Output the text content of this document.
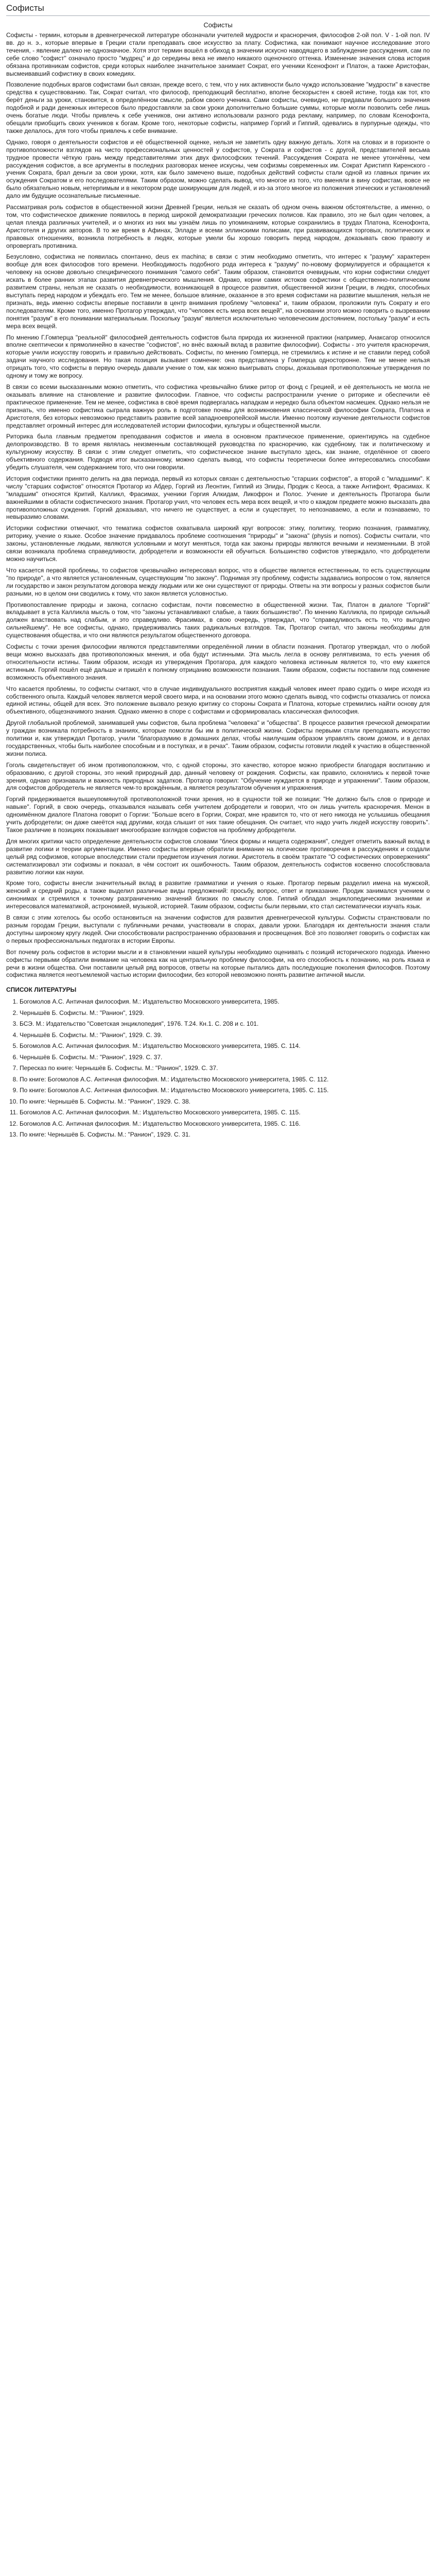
Софисты
Софисты

Софисты - термин, которым в древнегреческой литературе обозначали учителей мудрости и красноречия, философов 2-ой пол. V - 1-ой пол. IV вв. до н. э., которые впервые в Греции стали преподавать свое искусство за плату. Софистика, как понимают научное исследование этого течения, - явление далеко не однозначное. Хотя этот термин вошёл в обиход в значении искусно наводящего в заблуждение рассуждения, сам по себе слово "софист" означало просто "мудрец" и до середины века не имело никакого оценочного оттенка. Изменение значения слова история обязана противникам софистов, среди которых наиболее значительное занимает Сократ, его ученики Ксенофонт и Платон, а также Аристофан, высмеивавший софистику в своих комедиях.

Позволение подобных врагов софистами был связан, прежде всего, с тем, что у них активности было чуждо использование "мудрости" в качестве средства к существованию. Так, Сократ считал, что философ, преподающий бесплатно, вполне бескорыстен к своей истине, тогда как тот, кто берёт деньги за уроки, становится, в определённом смысле, рабом своего ученика. Сами софисты, очевидно, не придавали большого значения подобной и ради денежных интересов было предоставляли за свои уроки дополнительно большие суммы, которые могли позволить себе лишь очень богатые люди. Чтобы привлечь к себе учеников, они активно использовали разного рода рекламу, например, по словам Ксенофонта, обещали приобщить своих учеников к богам. Кроме того, некоторые софисты, например Горгий и Гиппий, одевались в пурпурные одежды, что также делалось, для того чтобы привлечь к себе внимание.

Однако, говоря о деятельности софистов и её общественной оценке, нельзя не заметить одну важную деталь. Хотя на словах и в горизонте о противоположности взглядов на чисто профессиональных ценностей у софистов, у Сократа и софистов - с другой, представителей весьма трудное провести чёткую грань между представителями этих двух философских течений. Рассуждения Сократа не менее утончённы, чем рассуждения софистов, а все аргументы в последних разговорах менее искусны, чем софизмы современных им. Сократ Аристипп Киренского - ученик Сократа, брал деньги за свои уроки, хотя, как было замечено выше, подобных действий софисты стали одной из главных причин их осуждения Сократом и его последователями. Таким образом, можно сделать вывод, что многое из того, что вменяли в вину софистам, вовсе не было обязательно новым, нетерпимым и в некотором роде шокирующим для людей, и из-за этого многое из положения этических и установлений дало им будущие осознательные письменные.

Рассматривая роль софистов в общественной жизни Древней Греции, нельзя не сказать об одном очень важном обстоятельстве, а именно, о том, что софистическое движение появилось в период широкой демократизации греческих полисов. Как правило, это не был один человек, а целая плеяда различных учителей, и о многих из них мы узнаём лишь по упоминаниям, которые сохранились в трудах Платона, Ксенофонта, Аристотеля и других авторов. В то же время в Афинах, Элладе и всеми эллинскими полисами, при развивающихся торговых, политических и правовых отношениях, возникла потребность в людях, которые умели бы хорошо говорить перед народом, доказывать свою правоту и опровергать противника.

Безусловно, софистика не появилась спонтанно, deus ex machina; в связи с этим необходимо отметить, что интерес к "разуму" характерен вообще для всех философов того времени. Необходимость подобного рода интереса к "разуму" по-новому формулируется и обращается к человеку на основе довольно специфического понимания "самого себя". Таким образом, становится очевидным, что корни софистики следует искать в более ранних этапах развития древнегреческого мышления. Однако, корни самих истоков софистики с общественно-политическим развитием страны, нельзя не сказать о необходимости, возникающей в процессе развития, общественной жизни Греции, в людях, способных выступать перед народом и убеждать его. Тем не менее, большое влияние, оказанное в это время софистами на развитие мышления, нельзя не признать, ведь именно софисты впервые поставили в центр внимания проблему "человека" и, таким образом, проложили путь Сократу и его последователям. Кроме того, именно Протагор утверждал, что "человек есть мера всех вещей", на основании этого можно говорить о вызревании понятия "разум" в его понимании материальным. Поскольку "разум" является исключительно человеческим достоянием, постольку "разум" и есть мера всех вещей.

По мнению Г.Гомперца "реальной" философией деятельность софистов была природа их жизненной практики (например, Анаксагор относился вполне скептически к прямолинейно в качестве "софистов", но внёс важный вклад в развитие философии). Софисты - это учителя красноречия, которые учили искусству говорить и правильно действовать. Софисты, по мнению Гомперца, не стремились к истине и не ставили перед собой задачи научного исследования. Но такая позиция вызывает сомнение: она представлена у Гомперца односторонне. Тем не менее нельзя отрицать того, что софисты в первую очередь давали учение о том, как можно выигрывать споры, доказывая противоположные утверждения по одному и тому же вопросу.

В связи со всеми высказанными можно отметить, что софистика чрезвычайно ближе ритор от фонд с Грецией, и её деятельность не могла не оказывать влияние на становление и развитие философии. Главное, что софисты распространили учение о риторике и обеспечили её практическое применение. Тем не менее, софистика в своё время подвергалась нападкам и нередко была объектом насмешек. Однако нельзя не признать, что именно софистика сыграла важную роль в подготовке почвы для возникновения классической философии Сократа, Платона и Аристотеля, без которых невозможно представить развитие всей западноевропейской мысли. Именно поэтому изучение деятельности софистов представляет огромный интерес для исследователей истории философии, культуры и общественной мысли.

Риторика была главным предметом преподавания софистов и имела в основном практическое применение, ориентируясь на судебное делопроизводство. В то время являлась неизменным составляющей руководства по красноречию, как судебному, так и политическому и культурному искусству. В связи с этим следует отметить, что софистическое знание выступало здесь, как знание, отделённое от своего объективного содержания. Подводя итог высказанному, можно сделать вывод, что софисты теоретически более интересовались способами убедить слушателя, чем содержанием того, что они говорили.

История софистики принято делить на два периода, первый из которых связан с деятельностью "старших софистов", а второй с "младшими". К числу "старших софистов" относятся Протагор из Абдер, Горгий из Леонтин, Гиппий из Элиды, Продик с Кеоса, а также Антифонт, Фрасимах. К "младшим" относятся Критий, Калликл, Фрасимах, ученики Горгия Алкидам, Ликофрон и Полос. Учение и деятельность Протагора были важнейшими в области софистического знания. Протагор учил, что человек есть мера всех вещей, и что о каждом предмете можно высказать два противоположных суждения. Горгий доказывал, что ничего не существует, а если и существует, то непознаваемо, а если и познаваемо, то невыразимо словами.

Историки софистики отмечают, что тематика софистов охватывала широкий круг вопросов: этику, политику, теорию познания, грамматику, риторику, учение о языке. Особое значение придавалось проблеме соотношения "природы" и "закона" (physis и nomos). Софисты считали, что законы, установленные людьми, являются условными и могут меняться, тогда как законы природы являются вечными и неизменными. В этой связи возникала проблема справедливости, добродетели и возможности ей обучиться. Большинство софистов утверждало, что добродетели можно научиться.

Что касается первой проблемы, то софистов чрезвычайно интересовал вопрос, что в обществе является естественным, то есть существующим "по природе", а что является установленным, существующим "по закону". Поднимая эту проблему, софисты задавались вопросом о том, является ли государство и закон результатом договора между людьми или же они существуют от природы. Ответы на эти вопросы у разных софистов были разными, но в целом они сводились к тому, что закон является условностью.

Противопоставление природы и закона, согласно софистам, почти повсеместно в общественной жизни. Так, Платон в диалоге "Горгий" вкладывает в уста Калликла мысль о том, что "законы устанавливают слабые, а таких большинство". По мнению Калликла, по природе сильный должен властвовать над слабым, и это справедливо. Фрасимах, в свою очередь, утверждал, что "справедливость есть то, что выгодно сильнейшему". Не все софисты, однако, придерживались таких радикальных взглядов. Так, Протагор считал, что законы необходимы для существования общества, и что они являются результатом общественного договора.

Софисты с точки зрения философии являются представителями определённой линии в области познания. Протагор утверждал, что о любой вещи можно высказать два противоположных мнения, и оба будут истинными. Эта мысль легла в основу релятивизма, то есть учения об относительности истины. Таким образом, исходя из утверждения Протагора, для каждого человека истинным является то, что ему кажется истинным. Горгий пошёл ещё дальше и пришёл к полному отрицанию возможности познания. Таким образом, софисты поставили под сомнение возможность объективного знания.

Что касается проблемы, то софисты считают, что в случае индивидуального восприятия каждый человек имеет право судить о мире исходя из собственного опыта. Каждый человек является мерой своего мира, и на основании этого можно сделать вывод, что софисты отказались от поиска единой истины, общей для всех. Это положение вызвало резкую критику со стороны Сократа и Платона, которые стремились найти основу для объективного, общезначимого знания. Однако именно в споре с софистами и сформировалась классическая философия.

Другой глобальной проблемой, занимавшей умы софистов, была проблема "человека" и "общества". В процессе развития греческой демократии у граждан возникала потребность в знаниях, которые помогли бы им в политической жизни. Софисты первыми стали преподавать искусство политики и, как утверждал Протагор, учили "благоразумию в домашних делах, чтобы наилучшим образом управлять своим домом, и в делах государственных, чтобы быть наиболее способным и в поступках, и в речах". Таким образом, софисты готовили людей к участию в общественной жизни полиса.

Гоголь свидетельствует об ином противоположном, что, с одной стороны, это качество, которое можно приобрести благодаря воспитанию и образованию, с другой стороны, это некий природный дар, данный человеку от рождения. Софисты, как правило, склонялись к первой точке зрения, однако признавали и важность природных задатков. Протагор говорил: "Обучение нуждается в природе и упражнении". Таким образом, для софистов добродетель не является чем-то врождённым, а является результатом обучения и упражнения.

Горгий придерживается вышеупомянутой противоположной точки зрения, но в сущности той же позиции: "Не должно быть слов о природе и навыке". Горгий, в свою очередь, отказывался называть себя учителем добродетели и говорил, что он лишь учитель красноречия. Менон в одноимённом диалоге Платона говорит о Горгии: "Больше всего в Горгии, Сократ, мне нравится то, что от него никогда не услышишь обещания учить добродетели; он даже смеётся над другими, когда слышит от них такие обещания. Он считает, что надо учить людей искусству говорить". Такое различие в позициях показывает многообразие взглядов софистов на проблему добродетели.

Для многих критики часто определение деятельности софистов словами "блеск формы и нищета содержания", следует отметить важный вклад в развитие логики и теории аргументации. Именно софисты впервые обратили внимание на логические противоречия в рассуждениях и создали целый ряд софизмов, которые впоследствии стали предметом изучения логики. Аристотель в своём трактате "О софистических опровержениях" систематизировал эти софизмы и показал, в чём состоит их ошибочность. Таким образом, деятельность софистов косвенно способствовала развитию логики как науки.

Кроме того, софисты внесли значительный вклад в развитие грамматики и учения о языке. Протагор первым разделил имена на мужской, женский и средний роды, а также выделил различные виды предложений: просьбу, вопрос, ответ и приказание. Продик занимался учением о синонимах и стремился к точному разграничению значений близких по смыслу слов. Гиппий обладал энциклопедическими знаниями и интересовался математикой, астрономией, музыкой, историей. Таким образом, софисты были первыми, кто стал систематически изучать язык.

В связи с этим хотелось бы особо остановиться на значении софистов для развития древнегреческой культуры. Софисты странствовали по разным городам Греции, выступали с публичными речами, участвовали в спорах, давали уроки. Благодаря их деятельности знания стали доступны широкому кругу людей. Они способствовали распространению образования и просвещения. Всё это позволяет говорить о софистах как о первых профессиональных педагогах в истории Европы.

Вот почему роль софистов в истории мысли и в становлении нашей культуры необходимо оценивать с позиций исторического подхода. Именно софисты первыми обратили внимание на человека как на центральную проблему философии, на его способность к познанию, на роль языка и речи в жизни общества. Они поставили целый ряд вопросов, ответы на которые пытались дать последующие поколения философов. Поэтому софистика является неотъемлемой частью истории философии, без которой невозможно понять развитие античной мысли.

СПИСОК ЛИТЕРАТУРЫ
1. Богомолов А.С. Античная философия. М.: Издательство Московского университета, 1985.
2. Чернышёв Б. Софисты. М.: "Ранион", 1929.
3. БСЭ. М.: Издательство "Советская энциклопедия", 1976. Т.24. Кн.1. С. 208 и с. 101.
4. Чернышёв Б. Софисты. М.: "Ранион", 1929. С. 39.
5. Богомолов А.С. Античная философия. М.: Издательство Московского университета, 1985. С. 114.
6. Чернышёв Б. Софисты. М.: "Ранион", 1929. С. 37.
7. Пересказ по книге: Чернышёв Б. Софисты. М.: "Ранион", 1929. С. 37.
8. По книге: Богомолов А.С. Античная философия. М.: Издательство Московского университета, 1985. С. 112.
9. По книге: Богомолов А.С. Античная философия. М.: Издательство Московского университета, 1985. С. 115.
10. По книге: Чернышёв Б. Софисты. М.: "Ранион", 1929. С. 38.
11. Богомолов А.С. Античная философия. М.: Издательство Московского университета, 1985. С. 115.
12. Богомолов А.С. Античная философия. М.: Издательство Московского университета, 1985. С. 116.
13. По книге: Чернышёв Б. Софисты. М.: "Ранион", 1929. С. 31.
